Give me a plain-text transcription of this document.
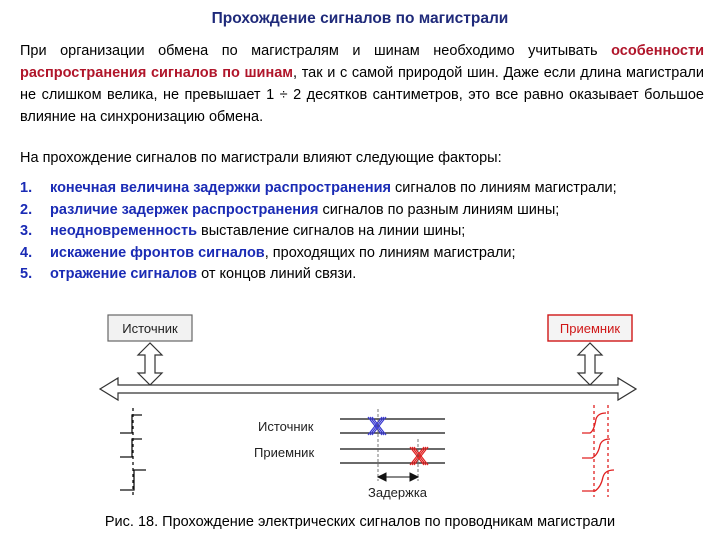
Прохождение сигналов по магистрали
При организации обмена по магистралям и шинам необходимо учитывать особенности распространения сигналов по шинам, так и с самой природой шин. Даже если длина магистрали не слишком велика, не превышает 1 ÷ 2 десятков сантиметров, это все равно оказывает большое влияние на синхронизацию обмена.
На прохождение сигналов по магистрали влияют следующие факторы:
1. конечная величина задержки распространения сигналов по линиям магистрали;
2. различие задержек распространения сигналов по разным линиям шины;
3. неодновременность выставление сигналов на линии шины;
4. искажение фронтов сигналов, проходящих по линиям магистрали;
5. отражение сигналов от концов линий связи.
Источник	Приемник
Источник
Приемник
Задержка
Рис. 18. Прохождение электрических сигналов по проводникам магистрали
